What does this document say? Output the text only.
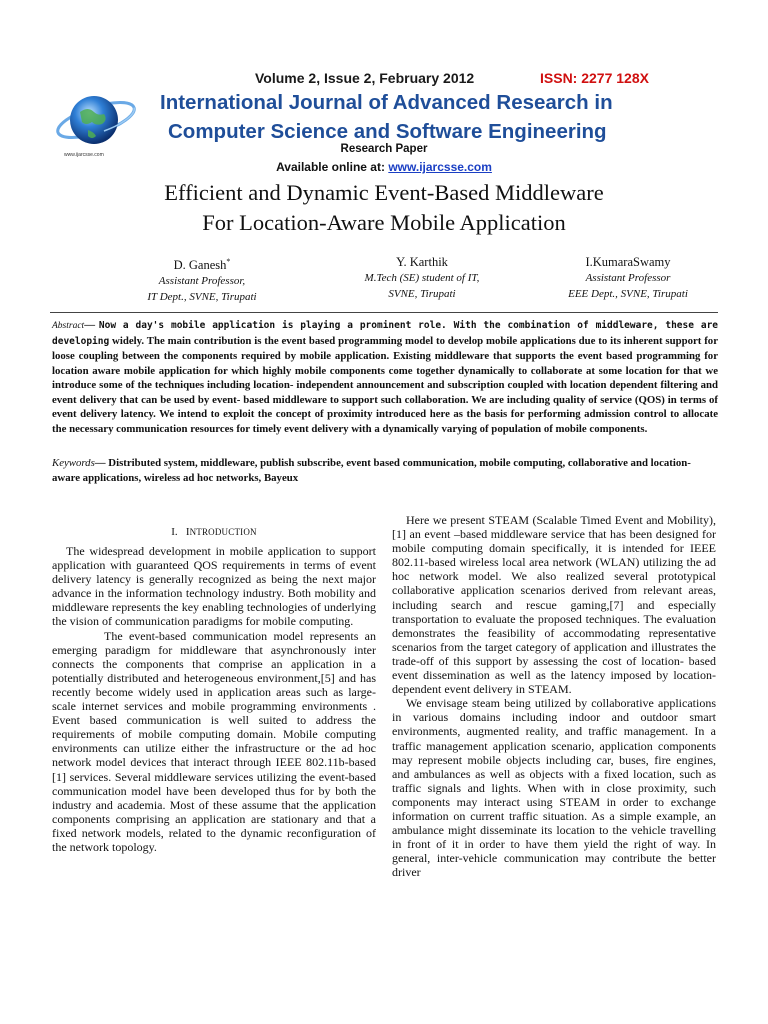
Volume 2, Issue 2, February 2012	ISSN: 2277 128X
www.ijarcsse.com
International Journal of Advanced Research in
Computer Science and Software Engineering
Research Paper
Available online at: www.ijarcsse.com
Efficient and Dynamic Event-Based Middleware
For Location-Aware Mobile Application
D. Ganesh*
Assistant Professor,
IT Dept., SVNE, Tirupati
Y. Karthik
M.Tech (SE) student of IT,
SVNE, Tirupati
I.KumaraSwamy
Assistant Professor
EEE Dept., SVNE, Tirupati
Abstract— Now a day's mobile application is playing a prominent role. With the combination of middleware, these are developing widely. The main contribution is the event based programming model to develop mobile applications due to its inherent support for loose coupling between the components required by mobile application. Existing middleware that supports the event based programming for location aware mobile application for which highly mobile components come together dynamically to collaborate at some location for that we introduce some of the techniques including location- independent announcement and subscription coupled with location dependent filtering and event delivery that can be used by event- based middleware to support such collaboration. We are including quality of service (QOS) in terms of event delivery latency. We intend to exploit the concept of proximity introduced here as the basis for performing admission control to allocate the necessary communication resources for timely event delivery with a dynamically varying of population of mobile components.
Keywords— Distributed system, middleware, publish subscribe, event based communication, mobile computing, collaborative and location-aware applications, wireless ad hoc networks, Bayeux
I. INTRODUCTION

The widespread development in mobile application to support application with guaranteed QOS requirements in terms of event delivery latency is generally recognized as being the next major advance in the information technology industry. Both mobility and middleware represents the key enabling technologies of underlying the vision of communication paradigms for mobile computing.

The event-based communication model represents an emerging paradigm for middleware that asynchronously inter connects the components that comprise an application in a potentially distributed and heterogeneous environment,[5] and has recently become widely used in application areas such as large-scale internet services and mobile programming environments . Event based communication is well suited to address the requirements of mobile computing domain. Mobile computing environments can utilize either the infrastructure or the ad hoc network model devices that interact through IEEE 802.11b-based [1] services. Several middleware services utilizing the event-based communication model have been developed thus for by both the industry and academia. Most of these assume that the application components comprising an application are stationary and that a fixed network models, related to the dynamic reconfiguration of the network topology.

Here we present STEAM (Scalable Timed Event and Mobility),[1] an event –based middleware service that has been designed for mobile computing domain specifically, it is intended for IEEE 802.11-based wireless local area network (WLAN) utilizing the ad hoc network model. We also realized several prototypical collaborative application scenarios derived from relevant areas, including search and rescue gaming,[7] and especially transportation to evaluate the proposed techniques. The evaluation demonstrates the feasibility of accommodating representative scenarios from the target category of application and illustrates the trade-off of this support by assessing the cost of location- based event dissemination as well as the latency imposed by location-dependent event delivery in STEAM.

We envisage steam being utilized by collaborative applications in various domains including indoor and outdoor smart environments, augmented reality, and traffic management. In a traffic management application scenario, application components may represent mobile objects including car, buses, fire engines, and ambulances as well as objects with a fixed location, such as traffic signals and lights. When with in close proximity, such components may interact using STEAM in order to exchange information on current traffic situation. As a simple example, an ambulance might disseminate its location to the vehicle travelling in front of it in order to have them yield the right of way. In general, inter-vehicle communication may contribute the better driver
